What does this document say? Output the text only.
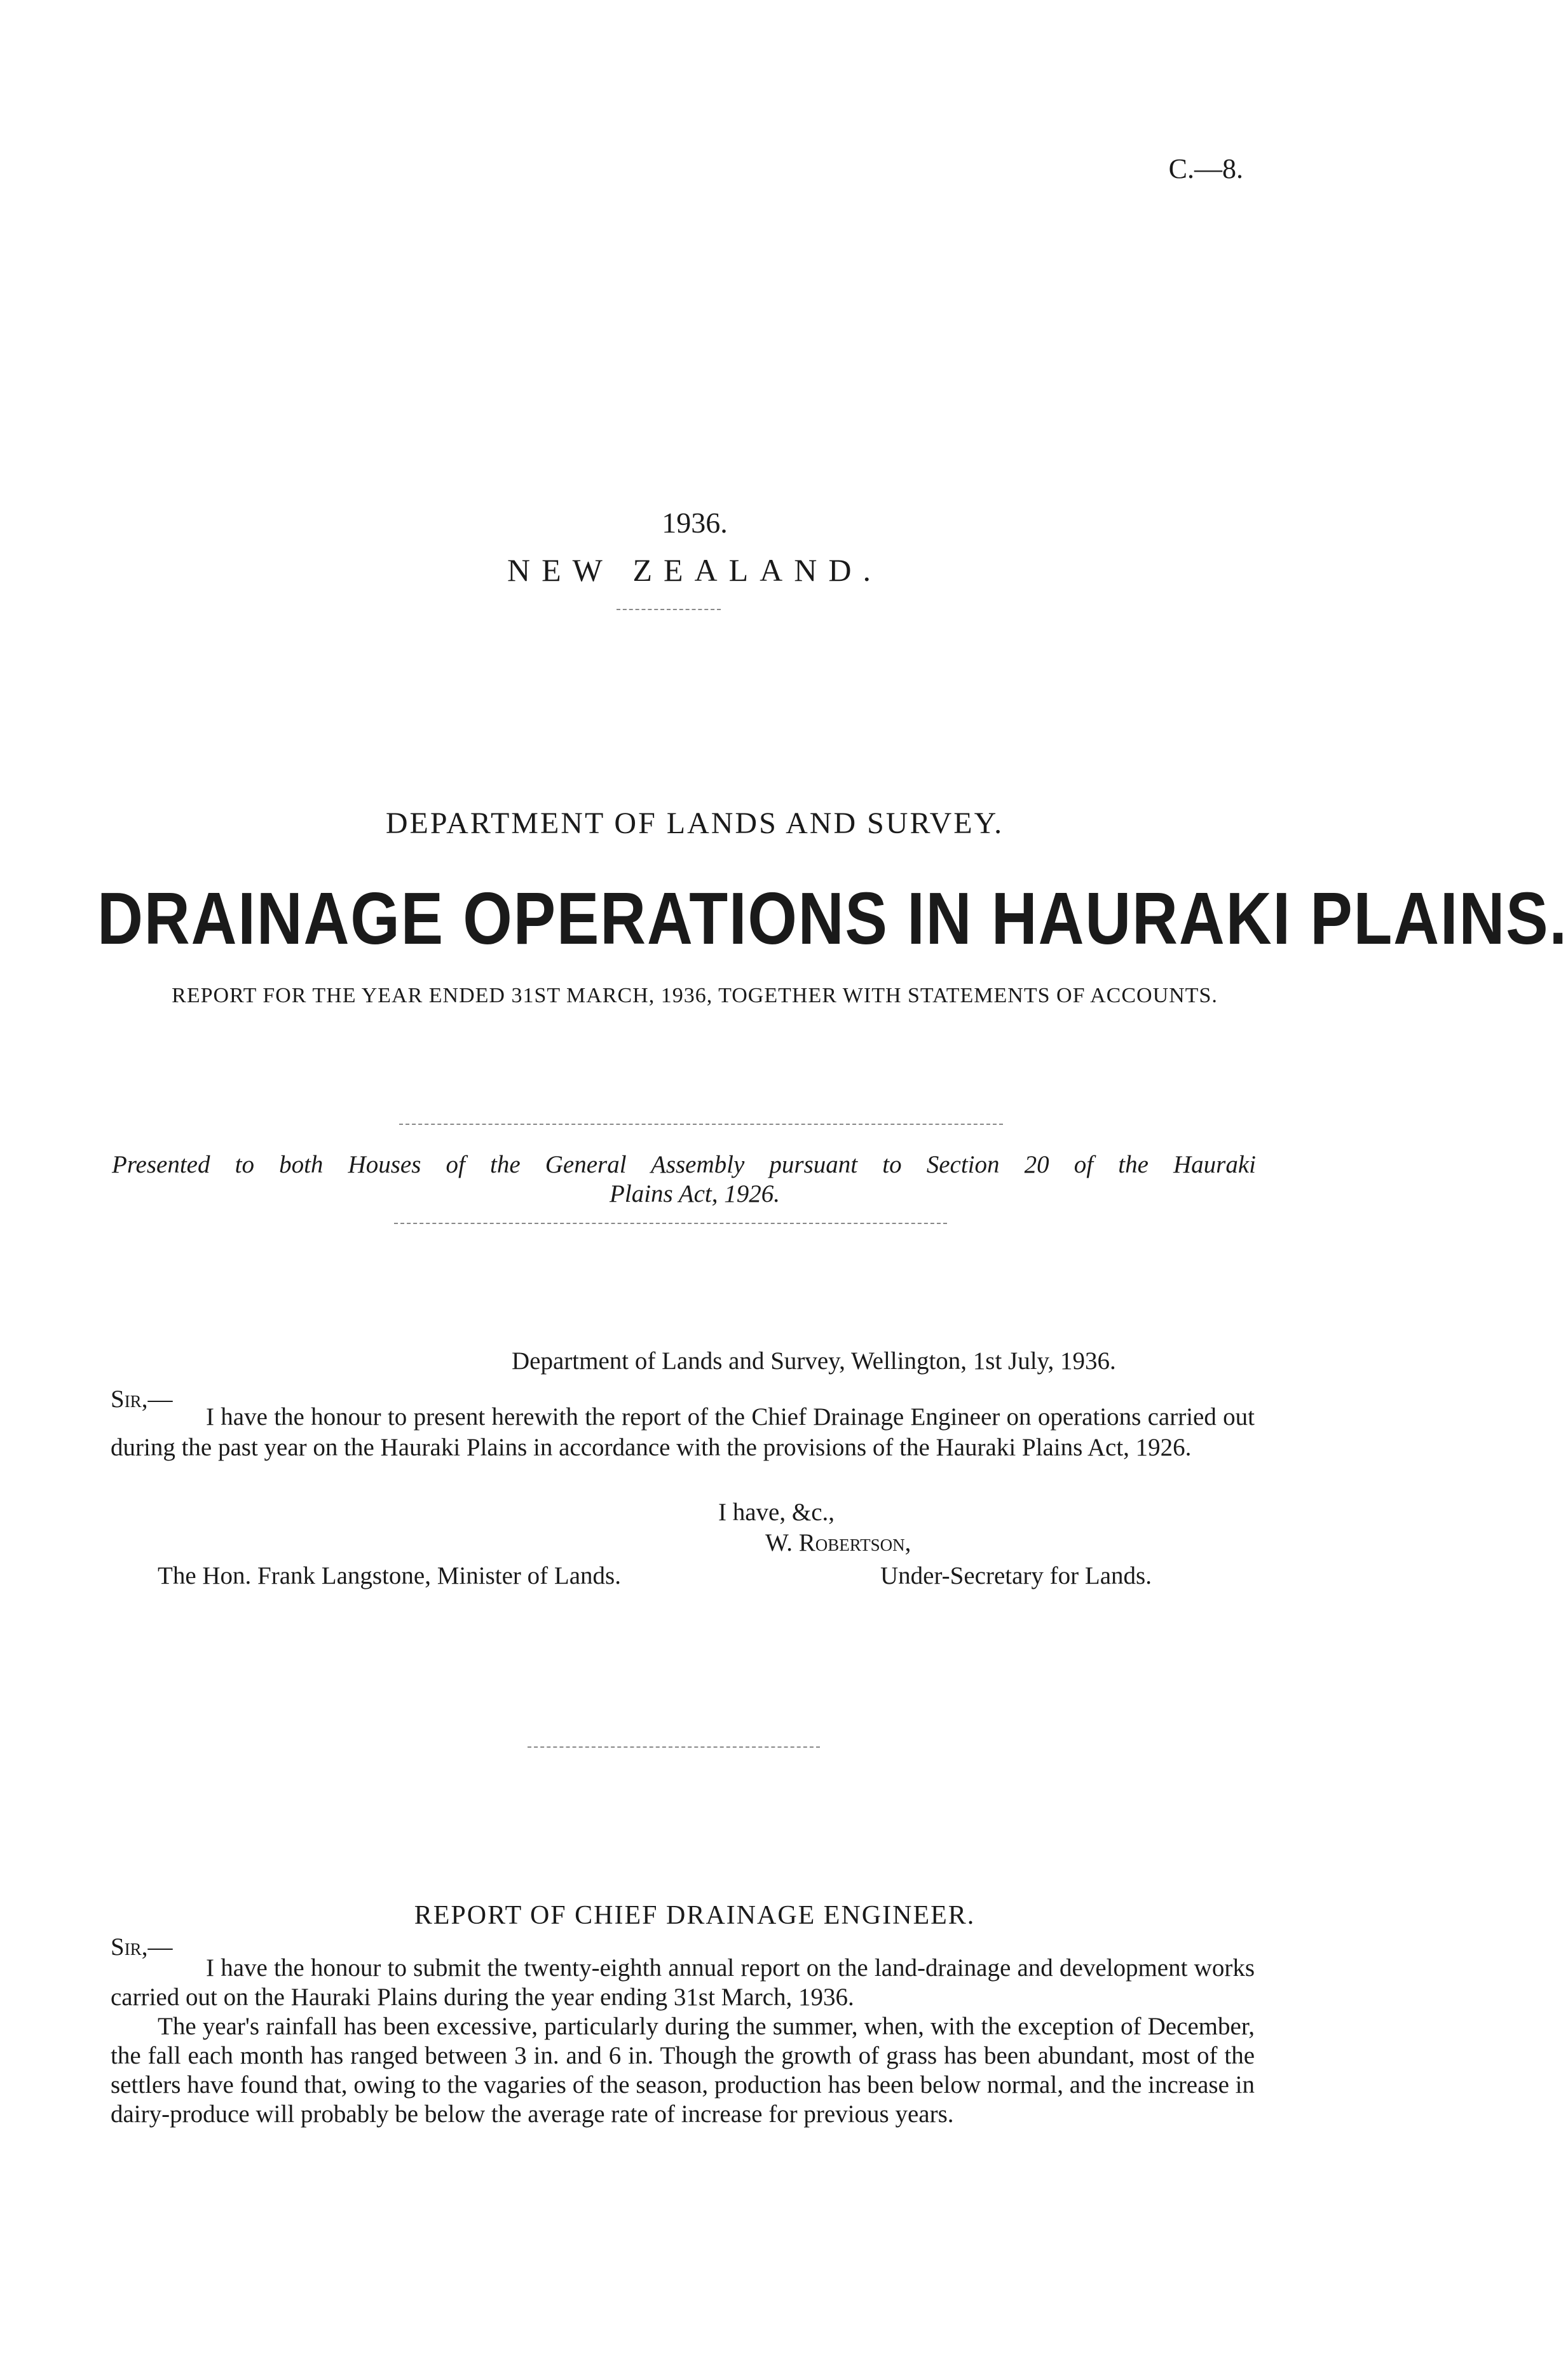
C.—8.
1936.
NEW ZEALAND.
DEPARTMENT OF LANDS AND SURVEY.
DRAINAGE OPERATIONS IN HAURAKI PLAINS.
REPORT FOR THE YEAR ENDED 31ST MARCH, 1936, TOGETHER WITH STATEMENTS OF ACCOUNTS.
Presented to both Houses of the General Assembly pursuant to Section 20 of the Hauraki
Plains Act, 1926.
Department of Lands and Survey, Wellington, 1st July, 1936.
Sir,—
I have the honour to present herewith the report of the Chief Drainage Engineer on operations carried out during the past year on the Hauraki Plains in accordance with the provisions of the Hauraki Plains Act, 1926.
I have, &c.,
W. Robertson,
The Hon. Frank Langstone, Minister of Lands.	Under-Secretary for Lands.
REPORT OF CHIEF DRAINAGE ENGINEER.
Sir,—

I have the honour to submit the twenty-eighth annual report on the land-drainage and development works carried out on the Hauraki Plains during the year ending 31st March, 1936.

The year's rainfall has been excessive, particularly during the summer, when, with the exception of December, the fall each month has ranged between 3 in. and 6 in. Though the growth of grass has been abundant, most of the settlers have found that, owing to the vagaries of the season, production has been below normal, and the increase in dairy-produce will probably be below the average rate of increase for previous years.
